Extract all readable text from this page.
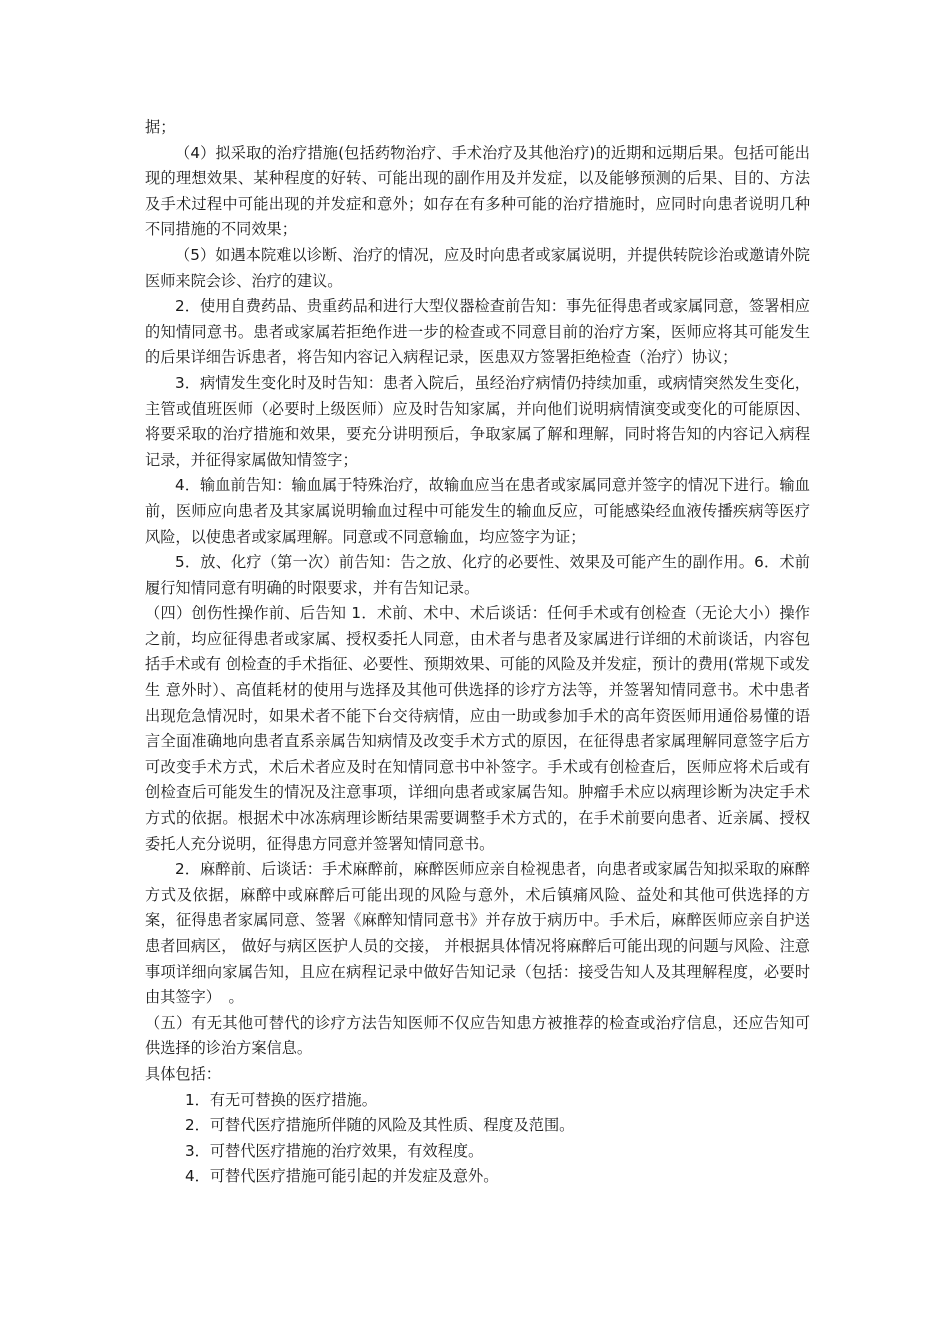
据；

（4）拟采取的治疗措施(包括药物治疗、手术治疗及其他治疗)的近期和远期后果。包括可能出现的理想效果、某种程度的好转、可能出现的副作用及并发症，以及能够预测的后果、目的、方法及手术过程中可能出现的并发症和意外；如存在有多种可能的治疗措施时，应同时向患者说明几种不同措施的不同效果；

（5）如遇本院难以诊断、治疗的情况，应及时向患者或家属说明，并提供转院诊治或邀请外院医师来院会诊、治疗的建议。

2．使用自费药品、贵重药品和进行大型仪器检查前告知：事先征得患者或家属同意，签署相应的知情同意书。患者或家属若拒绝作进一步的检查或不同意目前的治疗方案，医师应将其可能发生的后果详细告诉患者，将告知内容记入病程记录，医患双方签署拒绝检查（治疗）协议；

3．病情发生变化时及时告知：患者入院后，虽经治疗病情仍持续加重，或病情突然发生变化，主管或值班医师（必要时上级医师）应及时告知家属，并向他们说明病情演变或变化的可能原因、将要采取的治疗措施和效果，要充分讲明预后，争取家属了解和理解，同时将告知的内容记入病程记录，并征得家属做知情签字；

4．输血前告知：输血属于特殊治疗，故输血应当在患者或家属同意并签字的情况下进行。输血前，医师应向患者及其家属说明输血过程中可能发生的输血反应，可能感染经血液传播疾病等医疗风险，以使患者或家属理解。同意或不同意输血，均应签字为证；

5．放、化疗（第一次）前告知：告之放、化疗的必要性、效果及可能产生的副作用。6．术前履行知情同意有明确的时限要求，并有告知记录。

（四）创伤性操作前、后告知 1．术前、术中、术后谈话：任何手术或有创检查（无论大小）操作之前，均应征得患者或家属、授权委托人同意，由术者与患者及家属进行详细的术前谈话，内容包括手术或有 创检查的手术指征、必要性、预期效果、可能的风险及并发症，预计的费用(常规下或发生 意外时）、高值耗材的使用与选择及其他可供选择的诊疗方法等，并签署知情同意书。术中患者出现危急情况时，如果术者不能下台交待病情，应由一助或参加手术的高年资医师用通俗易懂的语言全面准确地向患者直系亲属告知病情及改变手术方式的原因，在征得患者家属理解同意签字后方可改变手术方式，术后术者应及时在知情同意书中补签字。手术或有创检查后，医师应将术后或有创检查后可能发生的情况及注意事项，详细向患者或家属告知。肿瘤手术应以病理诊断为决定手术方式的依据。根据术中冰冻病理诊断结果需要调整手术方式的，在手术前要向患者、近亲属、授权委托人充分说明，征得患方同意并签署知情同意书。

2．麻醉前、后谈话：手术麻醉前，麻醉医师应亲自检视患者，向患者或家属告知拟采取的麻醉方式及依据，麻醉中或麻醉后可能出现的风险与意外，术后镇痛风险、益处和其他可供选择的方案，征得患者家属同意、签署《麻醉知情同意书》并存放于病历中。手术后，麻醉医师应亲自护送患者回病区， 做好与病区医护人员的交接， 并根据具体情况将麻醉后可能出现的问题与风险、注意事项详细向家属告知，且应在病程记录中做好告知记录（包括：接受告知人及其理解程度，必要时由其签字）　。

（五）有无其他可替代的诊疗方法告知医师不仅应告知患方被推荐的检查或治疗信息，还应告知可供选择的诊治方案信息。

具体包括：

1．有无可替换的医疗措施。

2．可替代医疗措施所伴随的风险及其性质、程度及范围。

3．可替代医疗措施的治疗效果，有效程度。

4．可替代医疗措施可能引起的并发症及意外。
